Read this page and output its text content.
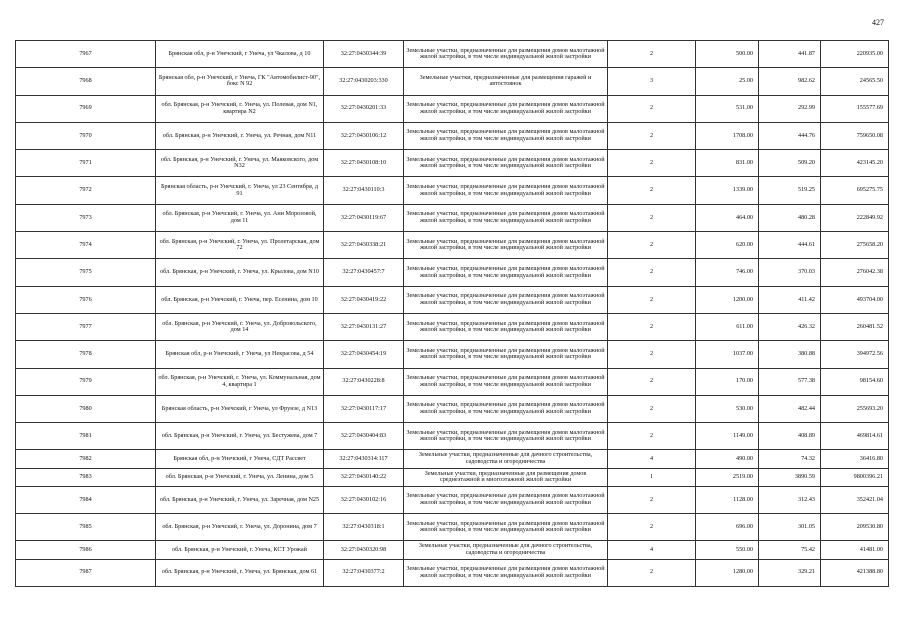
427
7967	Брянская обл, р-н Унечский, г Унеча, ул Чкалова, д 10	32:27:0430344:39	Земельные участки, предназначенные для размещения домов малоэтажной жилой застройки, в том числе индивидуальной жилой застройки	2	500.00	441.87	220935.00
7968	Брянская обл, р-н Унечский, г Унеча, ГК "Автомобилист-90", бокс N 92	32:27:0430203:330	Земельные участки, предназначенные для размещения гаражей и автостоянок	3	25.00	982.62	24565.50
7969	обл. Брянская, р-н Унечский, г. Унеча, ул. Полевая, дом N1, квартира N2	32:27:0430201:33	Земельные участки, предназначенные для размещения домов малоэтажной жилой застройки, в том числе индивидуальной жилой застройки	2	531.00	292.99	155577.69
7970	обл. Брянская, р-н Унечский, г. Унеча, ул. Речная, дом N11	32:27:0430106:12	Земельные участки, предназначенные для размещения домов малоэтажной жилой застройки, в том числе индивидуальной жилой застройки	2	1708.00	444.76	759650.08
7971	обл. Брянская, р-н Унечский, г. Унеча, ул. Маяковского, дом N32	32:27:0430108:10	Земельные участки, предназначенные для размещения домов малоэтажной жилой застройки, в том числе индивидуальной жилой застройки	2	831.00	509.20	423145.20
7972	Брянская область, р-н Унечский, г. Унеча, ул 23 Сентября, д 91	32:27:0430110:3	Земельные участки, предназначенные для размещения домов малоэтажной жилой застройки, в том числе индивидуальной жилой застройки	2	1339.00	519.25	695275.75
7973	обл. Брянская, р-н Унечский, г. Унеча, ул. Ани Морозовой, дом 11	32:27:0430119:67	Земельные участки, предназначенные для размещения домов малоэтажной жилой застройки, в том числе индивидуальной жилой застройки	2	464.00	480.28	222849.92
7974	обл. Брянская, р-н Унечский, г. Унеча, ул. Пролетарская, дом 72	32:27:0430338:21	Земельные участки, предназначенные для размещения домов малоэтажной жилой застройки, в том числе индивидуальной жилой застройки	2	620.00	444.61	275658.20
7975	обл. Брянская, р-н Унечский, г. Унеча, ул. Крылова, дом N10	32:27:0430457:7	Земельные участки, предназначенные для размещения домов малоэтажной жилой застройки, в том числе индивидуальной жилой застройки	2	746.00	370.03	276042.38
7976	обл. Брянская, р-н Унечский, г. Унеча, пер. Есенина, дом 10	32:27:0430419:22	Земельные участки, предназначенные для размещения домов малоэтажной жилой застройки, в том числе индивидуальной жилой застройки	2	1200.00	411.42	493704.00
7977	обл. Брянская, р-н Унечский, г. Унеча, ул. Добровольского, дом 14	32:27:0430131:27	Земельные участки, предназначенные для размещения домов малоэтажной жилой застройки, в том числе индивидуальной жилой застройки	2	611.00	426.32	260481.52
7978	Брянская обл, р-н Унечский, г Унеча, ул Некрасова, д 54	32:27:0430454:19	Земельные участки, предназначенные для размещения домов малоэтажной жилой застройки, в том числе индивидуальной жилой застройки	2	1037.00	380.88	394972.56
7979	обл. Брянская, р-н Унечский, г. Унеча, ул. Коммунальная, дом 4, квартира 1	32:27:0430228:8	Земельные участки, предназначенные для размещения домов малоэтажной жилой застройки, в том числе индивидуальной жилой застройки	2	170.00	577.38	98154.60
7980	Брянская область, р-н Унечский, г Унеча, ул Фрунзе, д N13	32:27:0430117:17	Земельные участки, предназначенные для размещения домов малоэтажной жилой застройки, в том числе индивидуальной жилой застройки	2	530.00	482.44	255693.20
7981	обл. Брянская, р-н Унечский, г. Унеча, ул. Бестужева, дом 7	32:27:0430404:83	Земельные участки, предназначенные для размещения домов малоэтажной жилой застройки, в том числе индивидуальной жилой застройки	2	1149.00	408.89	469814.61
7982	Брянская обл, р-н Унечский, г Унеча, СДТ Рассвет	32:27:0430314:117	Земельные участки, предназначенные для дачного строительства, садоводства и огородничества	4	490.00	74.32	36416.80
7983	обл. Брянская, р-н Унечский, г. Унеча, ул. Ленина, дом 5	32:27:0430140:22	Земельные участки, предназначенные для размещения домов среднеэтажной и многоэтажной жилой застройки	1	2519.00	3890.59	9800396.21
7984	обл. Брянская, р-н Унечский, г. Унеча, ул. Заречная, дом N25	32:27:0430102:16	Земельные участки, предназначенные для размещения домов малоэтажной жилой застройки, в том числе индивидуальной жилой застройки	2	1128.00	312.43	352421.04
7985	обл. Брянская, р-н Унечский, г. Унеча, ул. Доронина, дом 7	32:27:0430318:1	Земельные участки, предназначенные для размещения домов малоэтажной жилой застройки, в том числе индивидуальной жилой застройки	2	696.00	301.05	209530.80
7986	обл. Брянская, р-н Унечский, г. Унеча, КСТ Урожай	32:27:0430320:98	Земельные участки, предназначенные для дачного строительства, садоводства и огородничества	4	550.00	75.42	41481.00
7987	обл. Брянская, р-н Унечский, г. Унеча, ул. Брянская, дом 61	32:27:0430377:2	Земельные участки, предназначенные для размещения домов малоэтажной жилой застройки, в том числе индивидуальной жилой застройки	2	1280.00	329.21	421388.80
